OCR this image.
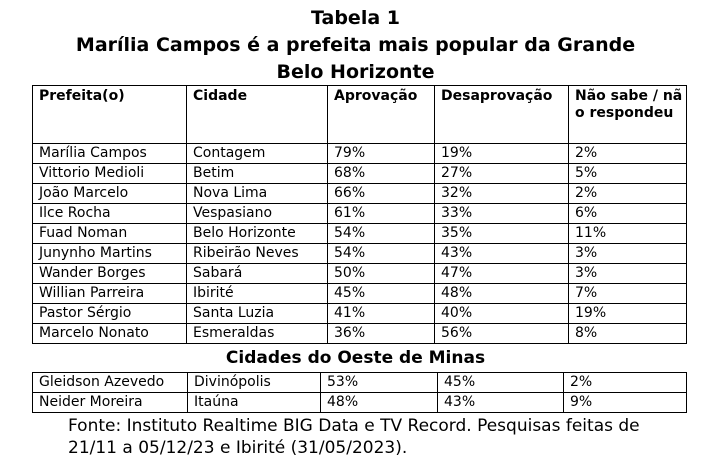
Tabela 1
Marília Campos é a prefeita mais popular da Grande
Belo Horizonte
Prefeita(o)	Cidade	Aprovação	Desaprovação	Não sabe / não respondeu
Marília Campos	Contagem	79%	19%	2%
Vittorio Medioli	Betim	68%	27%	5%
João Marcelo	Nova Lima	66%	32%	2%
Ilce Rocha	Vespasiano	61%	33%	6%
Fuad Noman	Belo Horizonte	54%	35%	11%
Junynho Martins	Ribeirão Neves	54%	43%	3%
Wander Borges	Sabará	50%	47%	3%
Willian Parreira	Ibirité	45%	48%	7%
Pastor Sérgio	Santa Luzia	41%	40%	19%
Marcelo Nonato	Esmeraldas	36%	56%	8%
Cidades do Oeste de Minas
Gleidson Azevedo	Divinópolis	53%	45%	2%
Neider Moreira	Itaúna	48%	43%	9%
Fonte: Instituto Realtime BIG Data e TV Record. Pesquisas feitas de
21/11 a 05/12/23 e Ibirité (31/05/2023).
